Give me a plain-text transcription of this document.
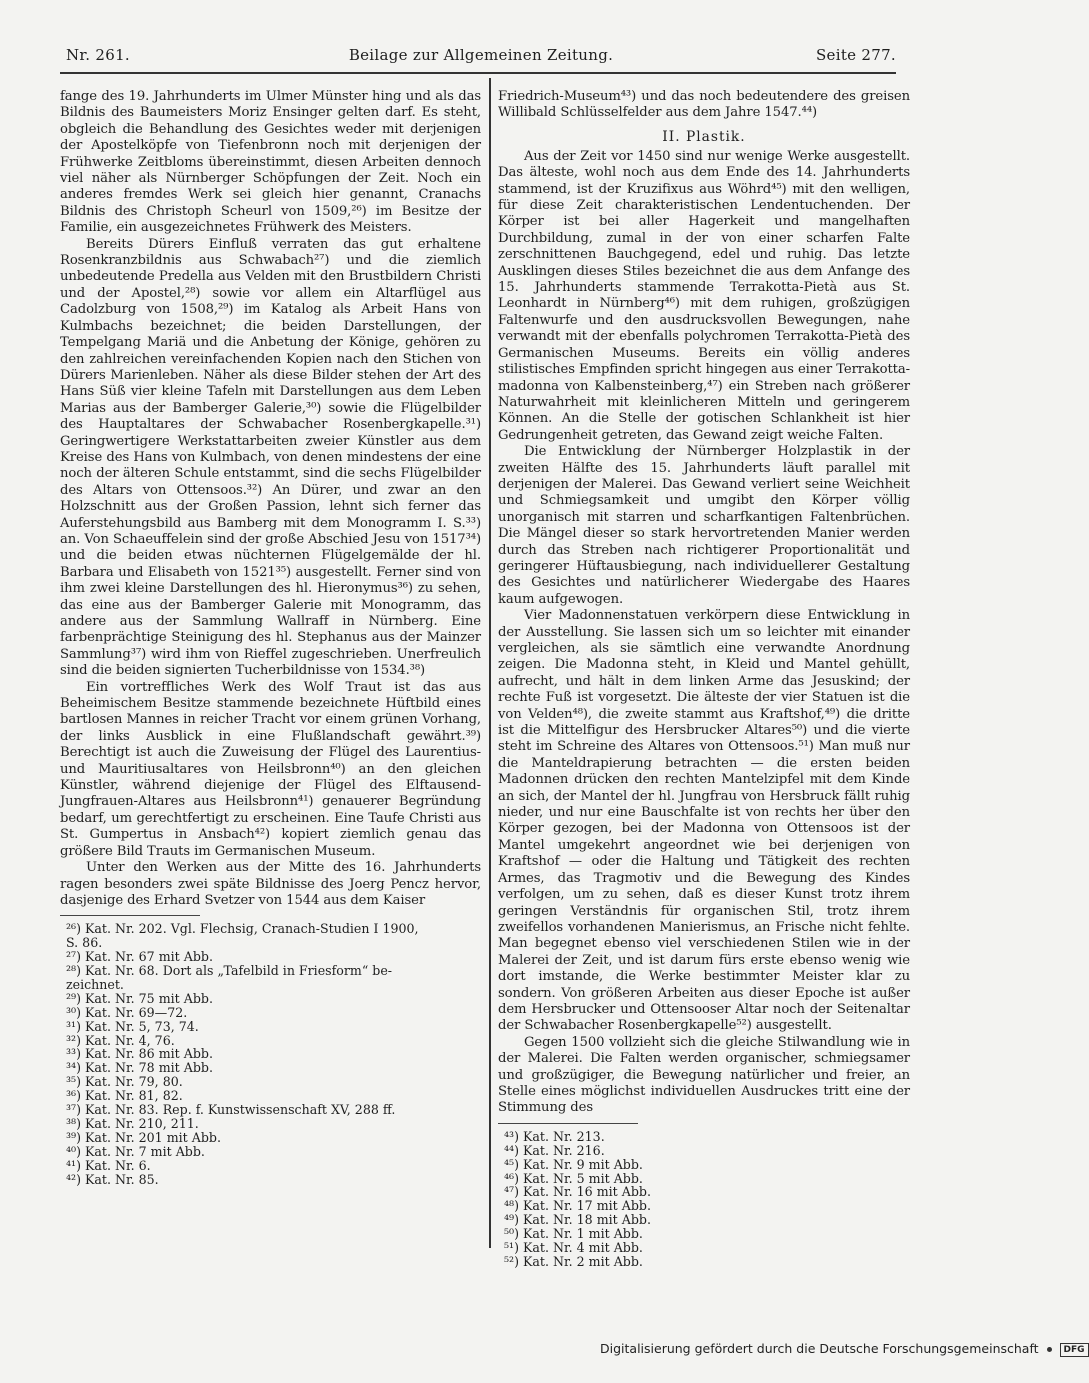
Nr. 261.	Beilage zur Allgemeinen Zeitung.	Seite 277.

fange des 19. Jahrhunderts im Ulmer Münster hing und als das Bildnis des Baumeisters Moriz Ensinger gelten darf. Es steht, obgleich die Behandlung des Gesichtes weder mit derjenigen der Apostelköpfe von Tiefenbronn noch mit derjenigen der Frühwerke Zeitbloms übereinstimmt, diesen Arbeiten dennoch viel näher als Nürnberger Schöpfungen der Zeit. Noch ein anderes fremdes Werk sei gleich hier genannt, Cranachs Bildnis des Christoph Scheurl von 1509,²⁶) im Besitze der Familie, ein ausgezeichnetes Frühwerk des Meisters.

Bereits Dürers Einfluß verraten das gut erhaltene Rosenkranzbildnis aus Schwabach²⁷) und die ziemlich unbedeutende Predella aus Velden mit den Brustbildern Christi und der Apostel,²⁸) sowie vor allem ein Altarflügel aus Cadolzburg von 1508,²⁹) im Katalog als Arbeit Hans von Kulmbachs bezeichnet; die beiden Darstellungen, der Tempelgang Mariä und die Anbetung der Könige, gehören zu den zahlreichen vereinfachenden Kopien nach den Stichen von Dürers Marienleben. Näher als diese Bilder stehen der Art des Hans Süß vier kleine Tafeln mit Darstellungen aus dem Leben Marias aus der Bamberger Galerie,³⁰) sowie die Flügelbilder des Hauptaltares der Schwabacher Rosenbergkapelle.³¹) Geringwertigere Werkstattarbeiten zweier Künstler aus dem Kreise des Hans von Kulmbach, von denen mindestens der eine noch der älteren Schule entstammt, sind die sechs Flügelbilder des Altars von Ottensoos.³²) An Dürer, und zwar an den Holzschnitt aus der Großen Passion, lehnt sich ferner das Auferstehungsbild aus Bamberg mit dem Monogramm I. S.³³) an. Von Schaeuffelein sind der große Abschied Jesu von 1517³⁴) und die beiden etwas nüchternen Flügelgemälde der hl. Barbara und Elisabeth von 1521³⁵) ausgestellt. Ferner sind von ihm zwei kleine Darstellungen des hl. Hieronymus³⁶) zu sehen, das eine aus der Bamberger Galerie mit Monogramm, das andere aus der Sammlung Wallraff in Nürnberg. Eine farbenprächtige Steinigung des hl. Stephanus aus der Mainzer Sammlung³⁷) wird ihm von Rieffel zugeschrieben. Unerfreulich sind die beiden signierten Tucherbildnisse von 1534.³⁸)

Ein vortreffliches Werk des Wolf Traut ist das aus Beheimischem Besitze stammende bezeichnete Hüftbild eines bartlosen Mannes in reicher Tracht vor einem grünen Vorhang, der links Ausblick in eine Flußlandschaft gewährt.³⁹) Berechtigt ist auch die Zuweisung der Flügel des Laurentius- und Mauritiusaltares von Heilsbronn⁴⁰) an den gleichen Künstler, während diejenige der Flügel des Elftausend-Jungfrauen-Altares aus Heilsbronn⁴¹) genauerer Begründung bedarf, um gerechtfertigt zu erscheinen. Eine Taufe Christi aus St. Gumpertus in Ansbach⁴²) kopiert ziemlich genau das größere Bild Trauts im Germanischen Museum.

Unter den Werken aus der Mitte des 16. Jahrhunderts ragen besonders zwei späte Bildnisse des Joerg Pencz hervor, dasjenige des Erhard Svetzer von 1544 aus dem Kaiser

²⁶) Kat. Nr. 202. Vgl. Flechsig, Cranach-Studien I 1900,
S. 86.
²⁷) Kat. Nr. 67 mit Abb.
²⁸) Kat. Nr. 68. Dort als „Tafelbild in Friesform“ be-
zeichnet.
²⁹) Kat. Nr. 75 mit Abb.
³⁰) Kat. Nr. 69—72.
³¹) Kat. Nr. 5, 73, 74.
³²) Kat. Nr. 4, 76.
³³) Kat. Nr. 86 mit Abb.
³⁴) Kat. Nr. 78 mit Abb.
³⁵) Kat. Nr. 79, 80.
³⁶) Kat. Nr. 81, 82.
³⁷) Kat. Nr. 83. Rep. f. Kunstwissenschaft XV, 288 ff.
³⁸) Kat. Nr. 210, 211.
³⁹) Kat. Nr. 201 mit Abb.
⁴⁰) Kat. Nr. 7 mit Abb.
⁴¹) Kat. Nr. 6.
⁴²) Kat. Nr. 85.

Friedrich-Museum⁴³) und das noch bedeutendere des greisen Willibald Schlüsselfelder aus dem Jahre 1547.⁴⁴)

II. Plastik.

Aus der Zeit vor 1450 sind nur wenige Werke ausgestellt. Das älteste, wohl noch aus dem Ende des 14. Jahrhunderts stammend, ist der Kruzifixus aus Wöhrd⁴⁵) mit den welligen, für diese Zeit charakteristischen Lendentuchenden. Der Körper ist bei aller Hagerkeit und mangelhaften Durchbildung, zumal in der von einer scharfen Falte zerschnittenen Bauchgegend, edel und ruhig. Das letzte Ausklingen dieses Stiles bezeichnet die aus dem Anfange des 15. Jahrhunderts stammende Terrakotta-Pietà aus St. Leonhardt in Nürnberg⁴⁶) mit dem ruhigen, großzügigen Faltenwurfe und den ausdrucksvollen Bewegungen, nahe verwandt mit der ebenfalls polychromen Terrakotta-Pietà des Germanischen Museums. Bereits ein völlig anderes stilistisches Empfinden spricht hingegen aus einer Terrakotta-madonna von Kalbensteinberg,⁴⁷) ein Streben nach größerer Naturwahrheit mit kleinlicheren Mitteln und geringerem Können. An die Stelle der gotischen Schlankheit ist hier Gedrungenheit getreten, das Gewand zeigt weiche Falten.

Die Entwicklung der Nürnberger Holzplastik in der zweiten Hälfte des 15. Jahrhunderts läuft parallel mit derjenigen der Malerei. Das Gewand verliert seine Weichheit und Schmiegsamkeit und umgibt den Körper völlig unorganisch mit starren und scharfkantigen Faltenbrüchen. Die Mängel dieser so stark hervortretenden Manier werden durch das Streben nach richtigerer Proportionalität und geringerer Hüftausbiegung, nach individuellerer Gestaltung des Gesichtes und natürlicherer Wiedergabe des Haares kaum aufgewogen.

Vier Madonnenstatuen verkörpern diese Entwicklung in der Ausstellung. Sie lassen sich um so leichter mit einander vergleichen, als sie sämtlich eine verwandte Anordnung zeigen. Die Madonna steht, in Kleid und Mantel gehüllt, aufrecht, und hält in dem linken Arme das Jesuskind; der rechte Fuß ist vorgesetzt. Die älteste der vier Statuen ist die von Velden⁴⁸), die zweite stammt aus Kraftshof,⁴⁹) die dritte ist die Mittelfigur des Hersbrucker Altares⁵⁰) und die vierte steht im Schreine des Altares von Ottensoos.⁵¹) Man muß nur die Manteldrapierung betrachten — die ersten beiden Madonnen drücken den rechten Mantelzipfel mit dem Kinde an sich, der Mantel der hl. Jungfrau von Hersbruck fällt ruhig nieder, und nur eine Bauschfalte ist von rechts her über den Körper gezogen, bei der Madonna von Ottensoos ist der Mantel umgekehrt angeordnet wie bei derjenigen von Kraftshof — oder die Haltung und Tätigkeit des rechten Armes, das Tragmotiv und die Bewegung des Kindes verfolgen, um zu sehen, daß es dieser Kunst trotz ihrem geringen Verständnis für organischen Stil, trotz ihrem zweifellos vorhandenen Manierismus, an Frische nicht fehlte. Man begegnet ebenso viel verschiedenen Stilen wie in der Malerei der Zeit, und ist darum fürs erste ebenso wenig wie dort imstande, die Werke bestimmter Meister klar zu sondern. Von größeren Arbeiten aus dieser Epoche ist außer dem Hersbrucker und Ottensooser Altar noch der Seitenaltar der Schwabacher Rosenbergkapelle⁵²) ausgestellt.

Gegen 1500 vollzieht sich die gleiche Stilwandlung wie in der Malerei. Die Falten werden organischer, schmiegsamer und großzügiger, die Bewegung natürlicher und freier, an Stelle eines möglichst individuellen Ausdruckes tritt eine der Stimmung des

⁴³) Kat. Nr. 213.
⁴⁴) Kat. Nr. 216.
⁴⁵) Kat. Nr. 9 mit Abb.
⁴⁶) Kat. Nr. 5 mit Abb.
⁴⁷) Kat. Nr. 16 mit Abb.
⁴⁸) Kat. Nr. 17 mit Abb.
⁴⁹) Kat. Nr. 18 mit Abb.
⁵⁰) Kat. Nr. 1 mit Abb.
⁵¹) Kat. Nr. 4 mit Abb.
⁵²) Kat. Nr. 2 mit Abb.
Digitalisierung gefördert durch die Deutsche Forschungsgemeinschaft	DFG
